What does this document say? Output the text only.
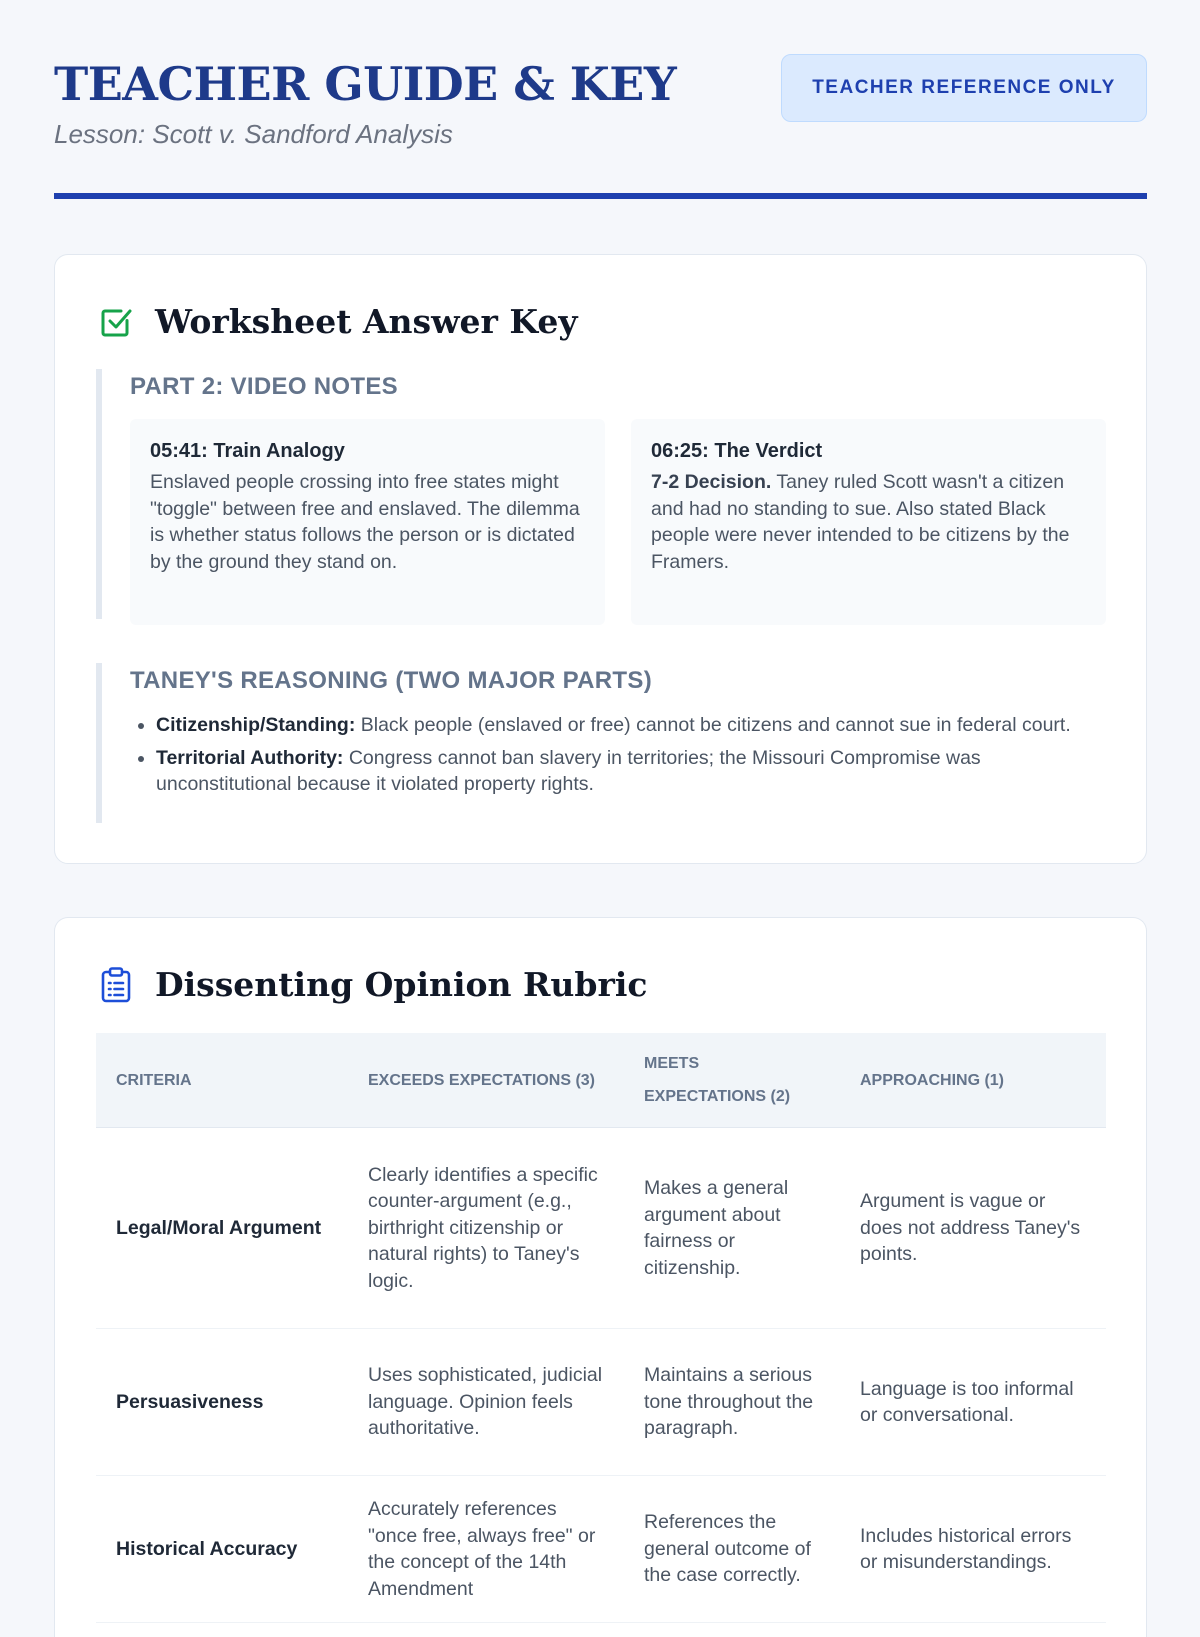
TEACHER GUIDE & KEY
Lesson: Scott v. Sandford Analysis
TEACHER REFERENCE ONLY
Worksheet Answer Key
PART 2: VIDEO NOTES
05:41: Train Analogy
Enslaved people crossing into free states might "toggle" between free and enslaved. The dilemma is whether status follows the person or is dictated by the ground they stand on.
06:25: The Verdict
7-2 Decision. Taney ruled Scott wasn't a citizen and had no standing to sue. Also stated Black people were never intended to be citizens by the Framers.
TANEY'S REASONING (TWO MAJOR PARTS)
• Citizenship/Standing: Black people (enslaved or free) cannot be citizens and cannot sue in federal court.
• Territorial Authority: Congress cannot ban slavery in territories; the Missouri Compromise was unconstitutional because it violated property rights.
Dissenting Opinion Rubric
CRITERIA	EXCEEDS EXPECTATIONS (3)	MEETS EXPECTATIONS (2)	APPROACHING (1)
Legal/Moral Argument	Clearly identifies a specific counter-argument (e.g., birthright citizenship or natural rights) to Taney's logic.	Makes a general argument about fairness or citizenship.	Argument is vague or does not address Taney's points.
Persuasiveness	Uses sophisticated, judicial language. Opinion feels authoritative.	Maintains a serious tone throughout the paragraph.	Language is too informal or conversational.
Historical Accuracy	Accurately references "once free, always free" or the concept of the 14th Amendment	References the general outcome of the case correctly.	Includes historical errors or misunderstandings.
